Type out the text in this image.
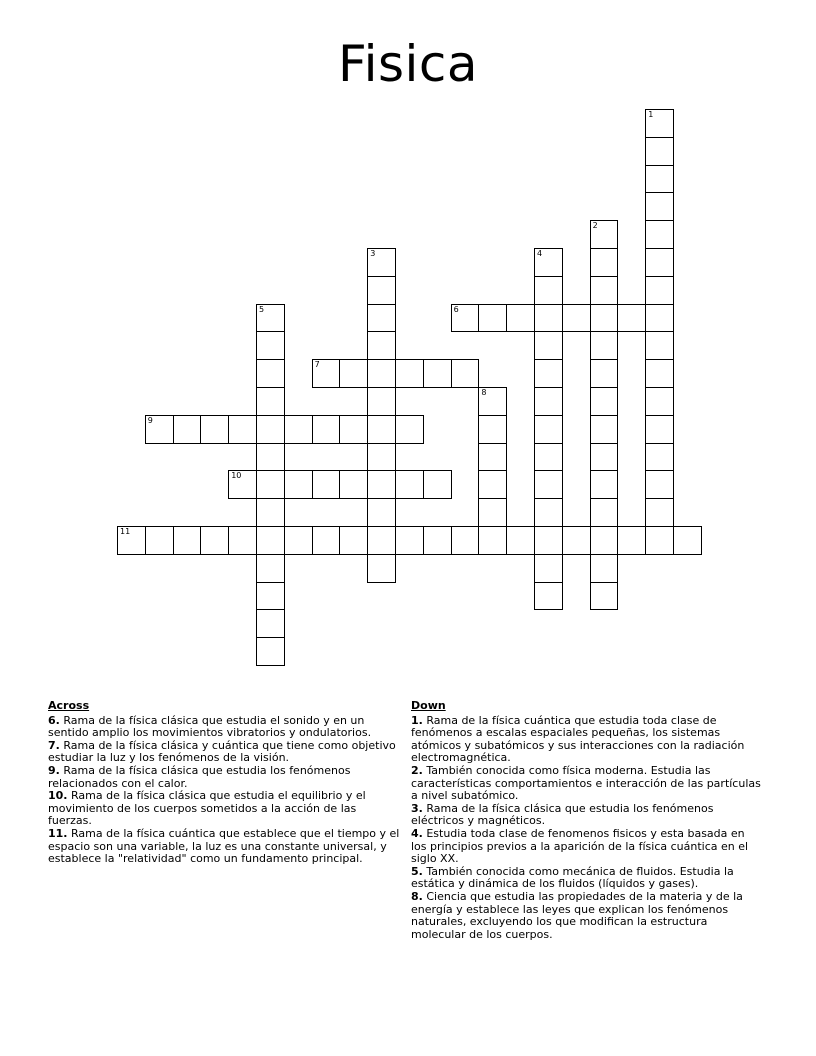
Fisica
1
2
3	4
5	6
7
8
9
10
11
Across
6. Rama de la física clásica que estudia el sonido y en un sentido amplio los movimientos vibratorios y ondulatorios.
7. Rama de la física clásica y cuántica que tiene como objetivo estudiar la luz y los fenómenos de la visión.
9. Rama de la física clásica que estudia los fenómenos relacionados con el calor.
10. Rama de la física clásica que estudia el equilibrio y el movimiento de los cuerpos sometidos a la acción de las fuerzas.
11. Rama de la física cuántica que establece que el tiempo y el espacio son una variable, la luz es una constante universal, y establece la "relatividad" como un fundamento principal.
Down
1. Rama de la física cuántica que estudia toda clase de fenómenos a escalas espaciales pequeñas, los sistemas atómicos y subatómicos y sus interacciones con la radiación electromagnética.
2. También conocida como física moderna. Estudia las características comportamientos e interacción de las partículas a nivel subatómico.
3. Rama de la física clásica que estudia los fenómenos eléctricos y magnéticos.
4. Estudia toda clase de fenomenos fisicos y esta basada en los principios previos a la aparición de la física cuántica en el siglo XX.
5. También conocida como mecánica de fluidos. Estudia la estática y dinámica de los fluidos (líquidos y gases).
8. Ciencia que estudia las propiedades de la materia y de la energía y establece las leyes que explican los fenómenos naturales, excluyendo los que modifican la estructura molecular de los cuerpos.
